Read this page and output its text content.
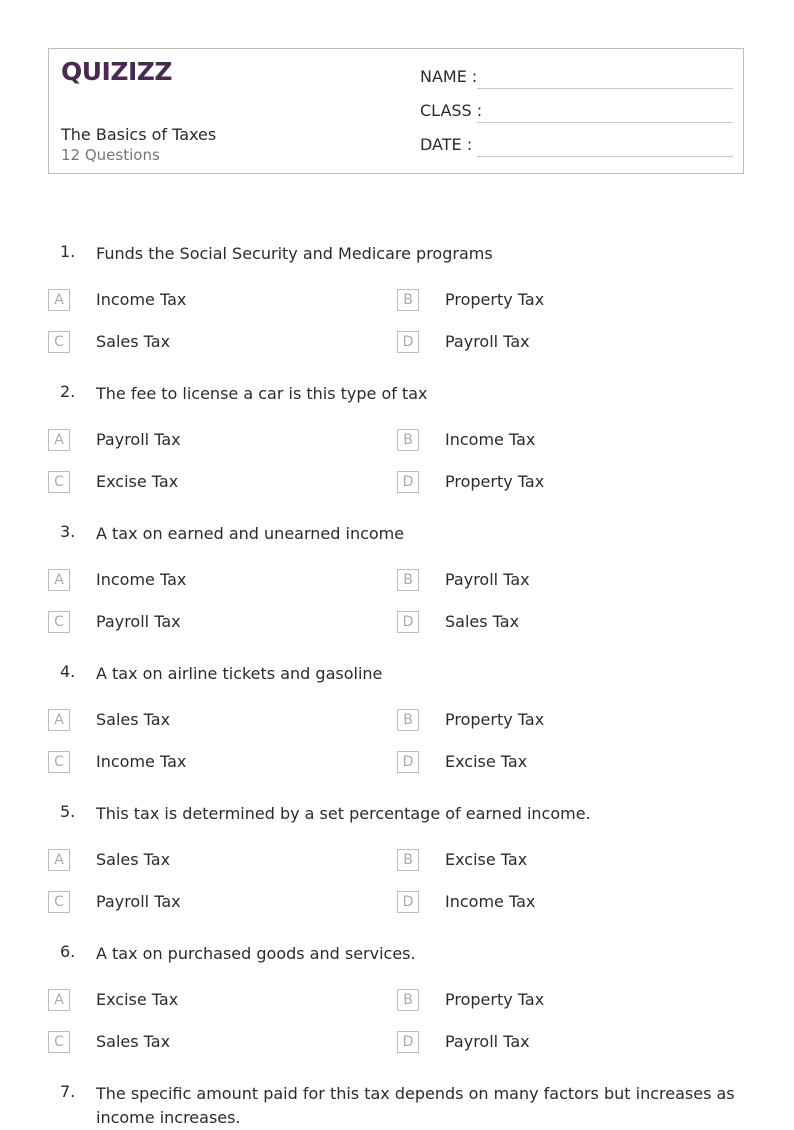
QUIZIZZ
The Basics of Taxes
12 Questions
NAME :
CLASS :
DATE :
1. Funds the Social Security and Medicare programs
A	Income Tax	B	Property Tax
C	Sales Tax	D	Payroll Tax
2. The fee to license a car is this type of tax
A	Payroll Tax	B	Income Tax
C	Excise Tax	D	Property Tax
3. A tax on earned and unearned income
A	Income Tax	B	Payroll Tax
C	Payroll Tax	D	Sales Tax
4. A tax on airline tickets and gasoline
A	Sales Tax	B	Property Tax
C	Income Tax	D	Excise Tax
5. This tax is determined by a set percentage of earned income.
A	Sales Tax	B	Excise Tax
C	Payroll Tax	D	Income Tax
6. A tax on purchased goods and services.
A	Excise Tax	B	Property Tax
C	Sales Tax	D	Payroll Tax
7. The specific amount paid for this tax depends on many factors but increases as income increases.
